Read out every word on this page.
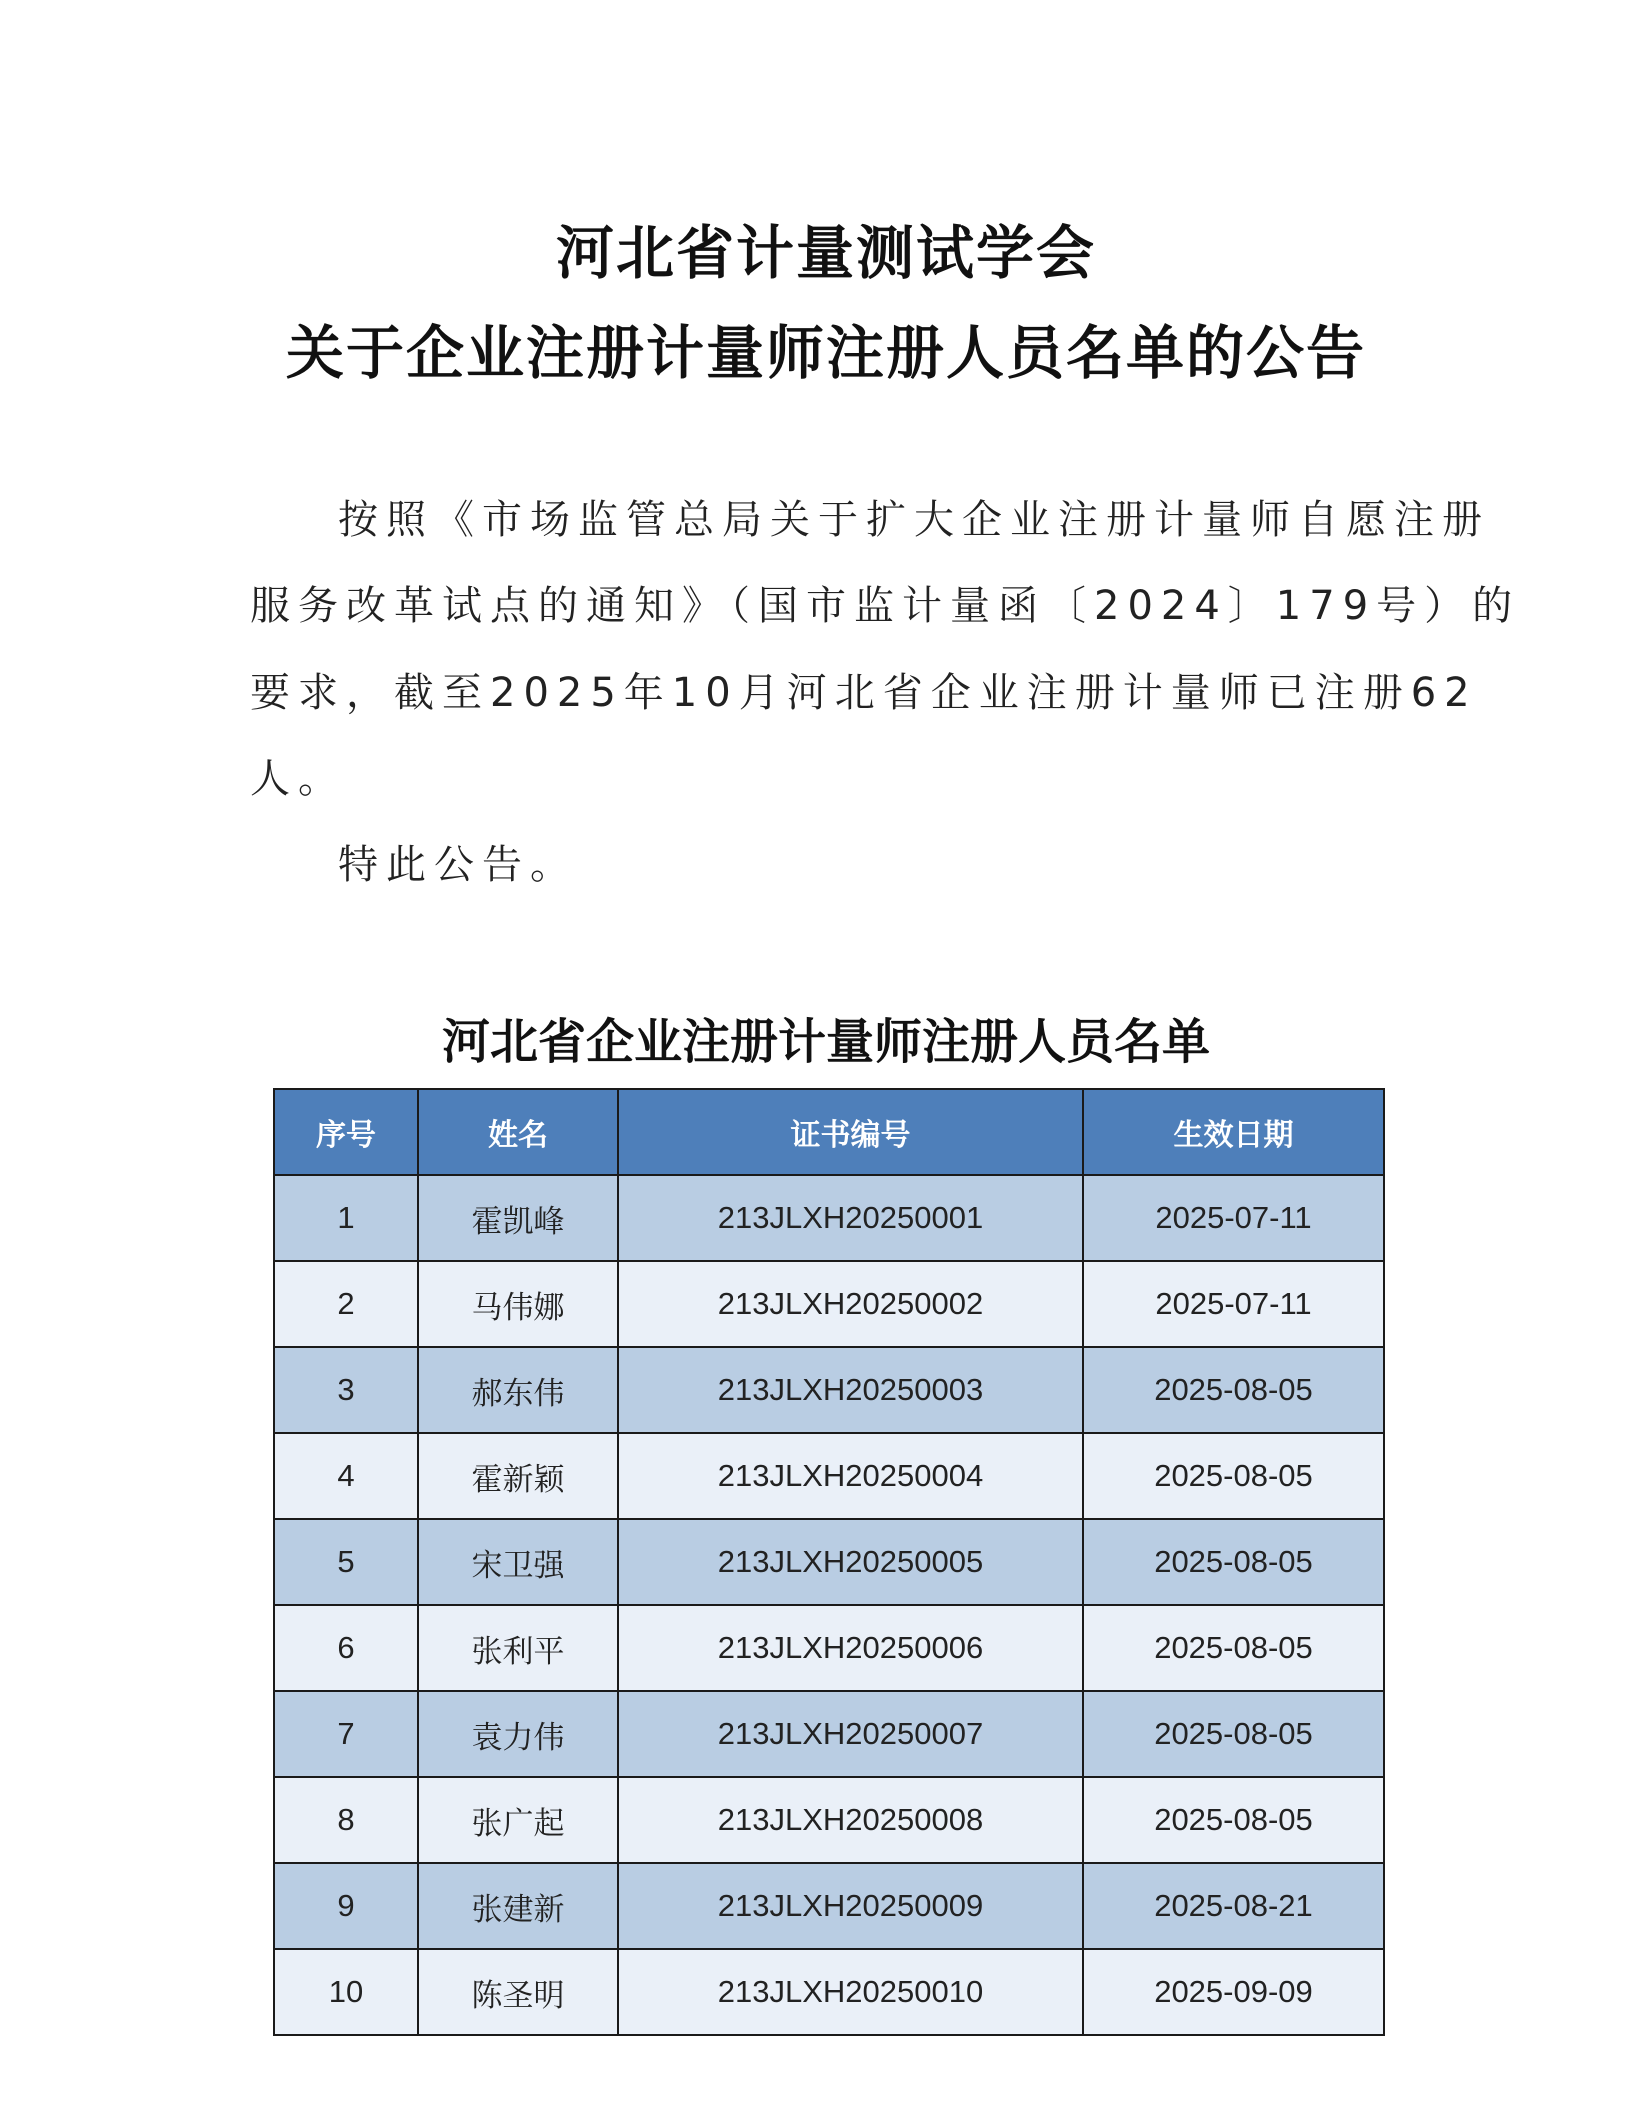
河北省计量测试学会
关于企业注册计量师注册人员名单的公告
按照《市场监管总局关于扩大企业注册计量师自愿注册
服务改革试点的通知》（国市监计量函〔2024〕179号）的
要求，截至2025年10月河北省企业注册计量师已注册62
人。
特此公告。
河北省企业注册计量师注册人员名单
序号	姓名	证书编号	生效日期
1	霍凯峰	213JLXH20250001	2025-07-11
2	马伟娜	213JLXH20250002	2025-07-11
3	郝东伟	213JLXH20250003	2025-08-05
4	霍新颖	213JLXH20250004	2025-08-05
5	宋卫强	213JLXH20250005	2025-08-05
6	张利平	213JLXH20250006	2025-08-05
7	袁力伟	213JLXH20250007	2025-08-05
8	张广起	213JLXH20250008	2025-08-05
9	张建新	213JLXH20250009	2025-08-21
10	陈圣明	213JLXH20250010	2025-09-09
